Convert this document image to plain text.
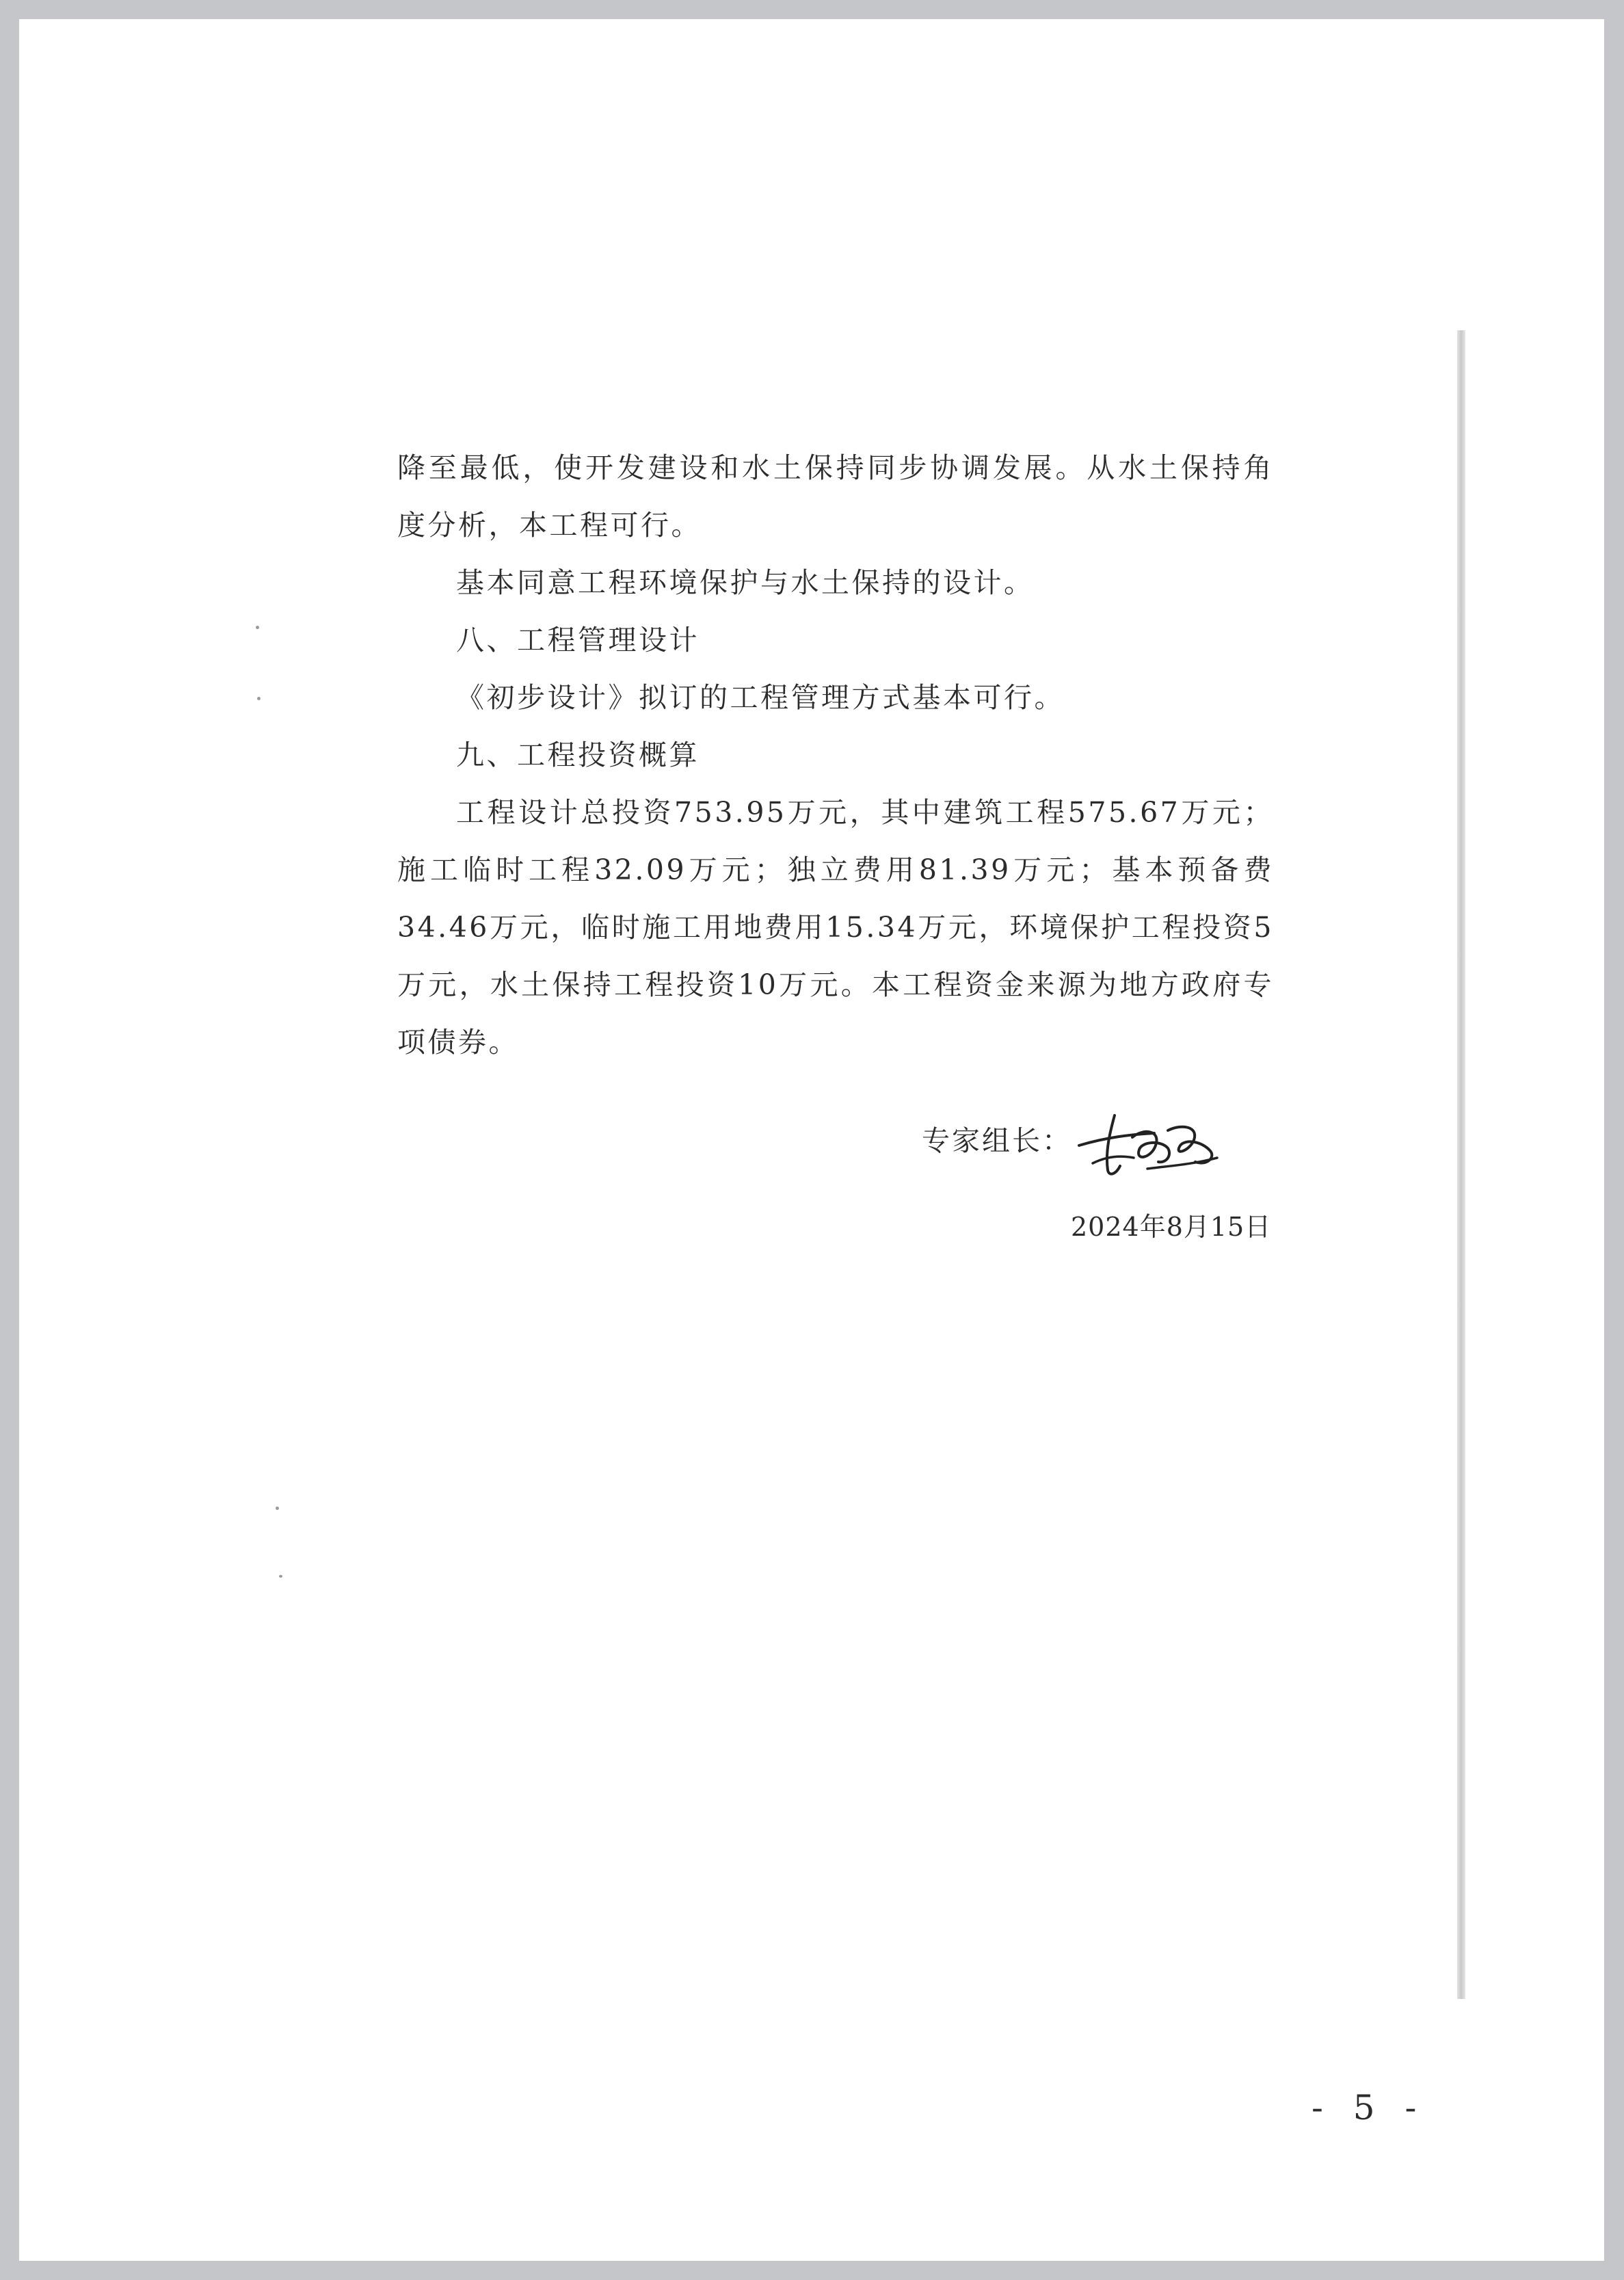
降至最低，使开发建设和水土保持同步协调发展。从水土保持角度分析，本工程可行。

基本同意工程环境保护与水土保持的设计。

八、工程管理设计

《初步设计》拟订的工程管理方式基本可行。

九、工程投资概算

工程设计总投资753.95万元，其中建筑工程575.67万元；施工临时工程32.09万元；独立费用81.39万元；基本预备费34.46万元，临时施工用地费用15.34万元，环境保护工程投资5万元，水土保持工程投资10万元。本工程资金来源为地方政府专项债券。

专家组长：
2024年8月15日
- 5 -
